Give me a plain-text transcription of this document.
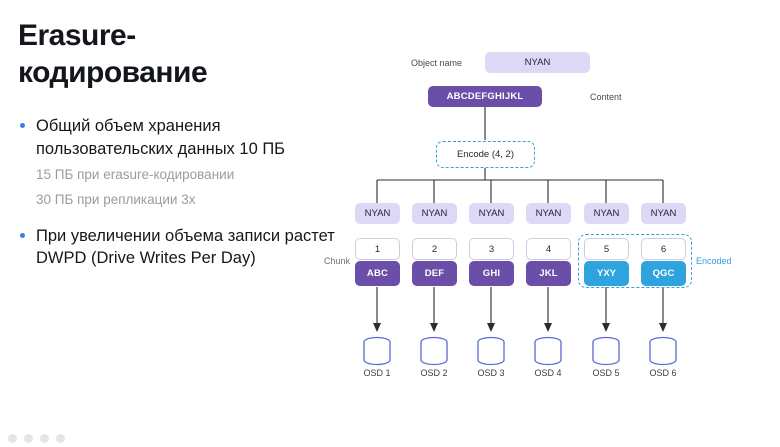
Erasure-
кодирование
Общий объем хранения пользовательских данных 10 ПБ
15 ПБ при erasure-кодировании
30 ПБ при репликации 3x
При увеличении объема записи растет DWPD (Drive Writes Per Day)
Object name	NYAN
ABCDEFGHIJKL	Content
Encode (4, 2)
NYAN	NYAN	NYAN	NYAN	NYAN	NYAN
1	2	3	4	5	6
ABC	DEF	GHI	JKL	YXY	QGC
Chunk	Encoded
OSD 1	OSD 2	OSD 3	OSD 4	OSD 5	OSD 6
